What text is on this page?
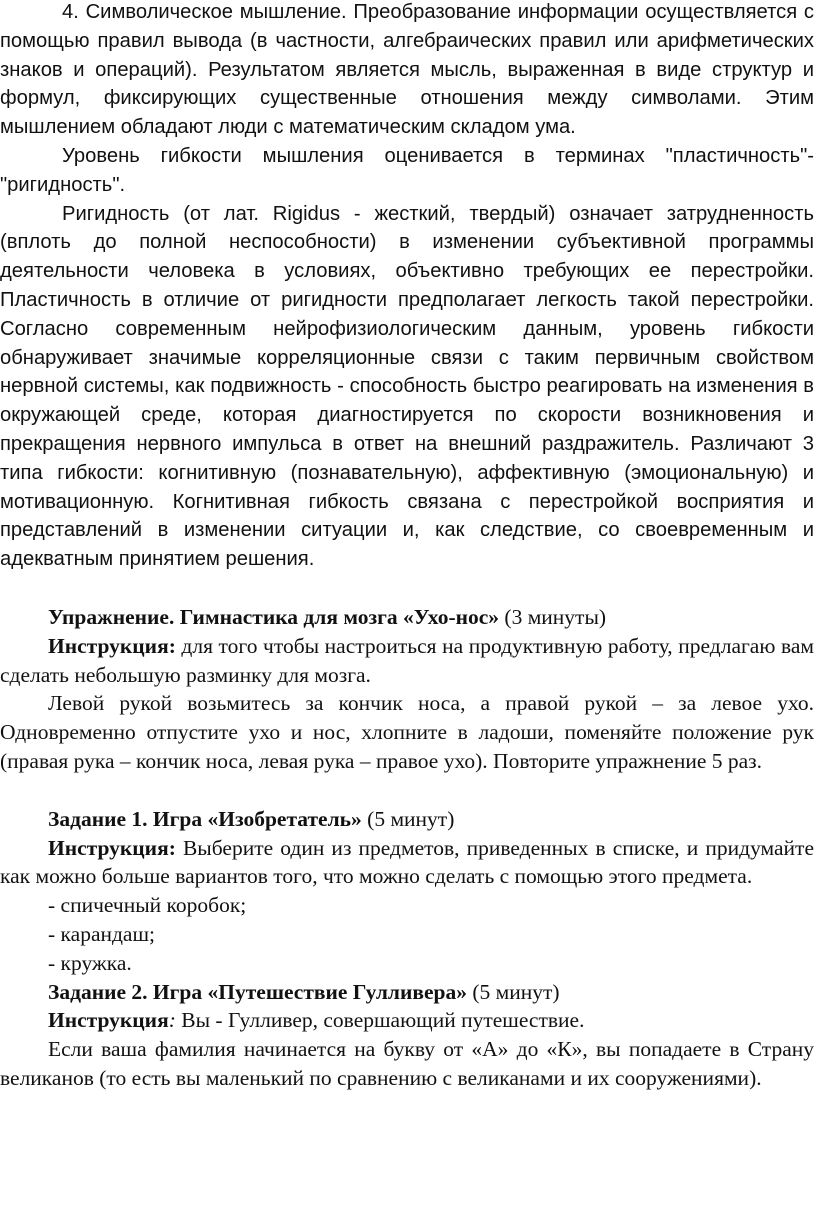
4. Символическое мышление. Преобразование информации осуществляется с помощью правил вывода (в частности, алгебраических правил или арифметических знаков и операций). Результатом является мысль, выраженная в виде структур и формул, фиксирующих существенные отношения между символами. Этим мышлением обладают люди с математическим складом ума.

Уровень гибкости мышления оценивается в терминах "пластичность"-"ригидность".

Ригидность (от лат. Rigidus - жесткий, твердый) означает затрудненность (вплоть до полной неспособности) в изменении субъективной программы деятельности человека в условиях, объективно требующих ее перестройки. Пластичность в отличие от ригидности предполагает легкость такой перестройки. Согласно современным нейрофизиологическим данным, уровень гибкости обнаруживает значимые корреляционные связи с таким первичным свойством нервной системы, как подвижность - способность быстро реагировать на изменения в окружающей среде, которая диагностируется по скорости возникновения и прекращения нервного импульса в ответ на внешний раздражитель. Различают 3 типа гибкости: когнитивную (познавательную), аффективную (эмоциональную) и мотивационную. Когнитивная гибкость связана с перестройкой восприятия и представлений в изменении ситуации и, как следствие, со своевременным и адекватным принятием решения.

Упражнение. Гимнастика для мозга «Ухо-нос» (3 минуты)

Инструкция: для того чтобы настроиться на продуктивную работу, предлагаю вам сделать небольшую разминку для мозга.

Левой рукой возьмитесь за кончик носа, а правой рукой – за левое ухо. Одновременно отпустите ухо и нос, хлопните в ладоши, поменяйте положение рук (правая рука – кончик носа, левая рука – правое ухо). Повторите упражнение 5 раз.

Задание 1. Игра «Изобретатель» (5 минут)

Инструкция: Выберите один из предметов, приведенных в списке, и придумайте как можно больше вариантов того, что можно сделать с помощью этого предмета.

- спичечный коробок;

- карандаш;

- кружка.

Задание 2. Игра «Путешествие Гулливера» (5 минут)

Инструкция: Вы - Гулливер, совершающий путешествие.

Если ваша фамилия начинается на букву от «А» до «К», вы попадаете в Страну великанов (то есть вы маленький по сравнению с великанами и их сооружениями).
